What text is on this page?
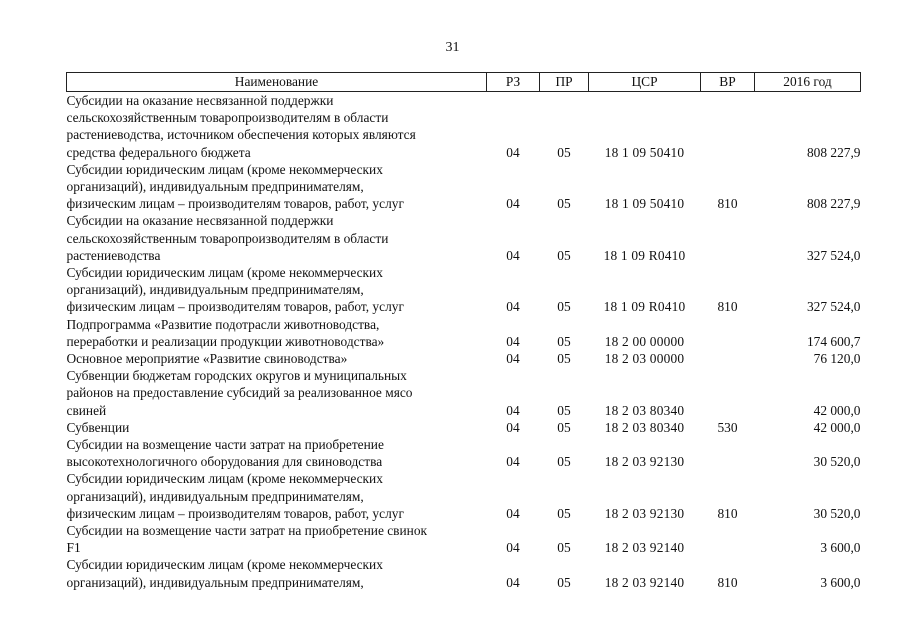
31
Наименование	РЗ	ПР	ЦСР	ВР	2016 год
Субсидии на оказание несвязанной поддержки
сельскохозяйственным товаропроизводителям в области
растениеводства, источником обеспечения которых являются
средства федерального бюджета	04	05	18 1 09 50410		808 227,9
Субсидии юридическим лицам (кроме некоммерческих
организаций), индивидуальным предпринимателям,
физическим лицам – производителям товаров, работ, услуг	04	05	18 1 09 50410	810	808 227,9
Субсидии на оказание несвязанной поддержки
сельскохозяйственным товаропроизводителям в области
растениеводства	04	05	18 1 09 R0410		327 524,0
Субсидии юридическим лицам (кроме некоммерческих
организаций), индивидуальным предпринимателям,
физическим лицам – производителям товаров, работ, услуг	04	05	18 1 09 R0410	810	327 524,0
Подпрограмма «Развитие подотрасли животноводства,
переработки и реализации продукции животноводства»	04	05	18 2 00 00000		174 600,7
Основное мероприятие «Развитие свиноводства»	04	05	18 2 03 00000		76 120,0
Субвенции бюджетам городских округов и муниципальных
районов на предоставление субсидий за реализованное мясо
свиней	04	05	18 2 03 80340		42 000,0
Субвенции	04	05	18 2 03 80340	530	42 000,0
Субсидии на возмещение части затрат на приобретение
высокотехнологичного оборудования для свиноводства	04	05	18 2 03 92130		30 520,0
Субсидии юридическим лицам (кроме некоммерческих
организаций), индивидуальным предпринимателям,
физическим лицам – производителям товаров, работ, услуг	04	05	18 2 03 92130	810	30 520,0
Субсидии на возмещение части затрат на приобретение свинок
F1	04	05	18 2 03 92140		3 600,0
Субсидии юридическим лицам (кроме некоммерческих
организаций), индивидуальным предпринимателям,	04	05	18 2 03 92140	810	3 600,0
